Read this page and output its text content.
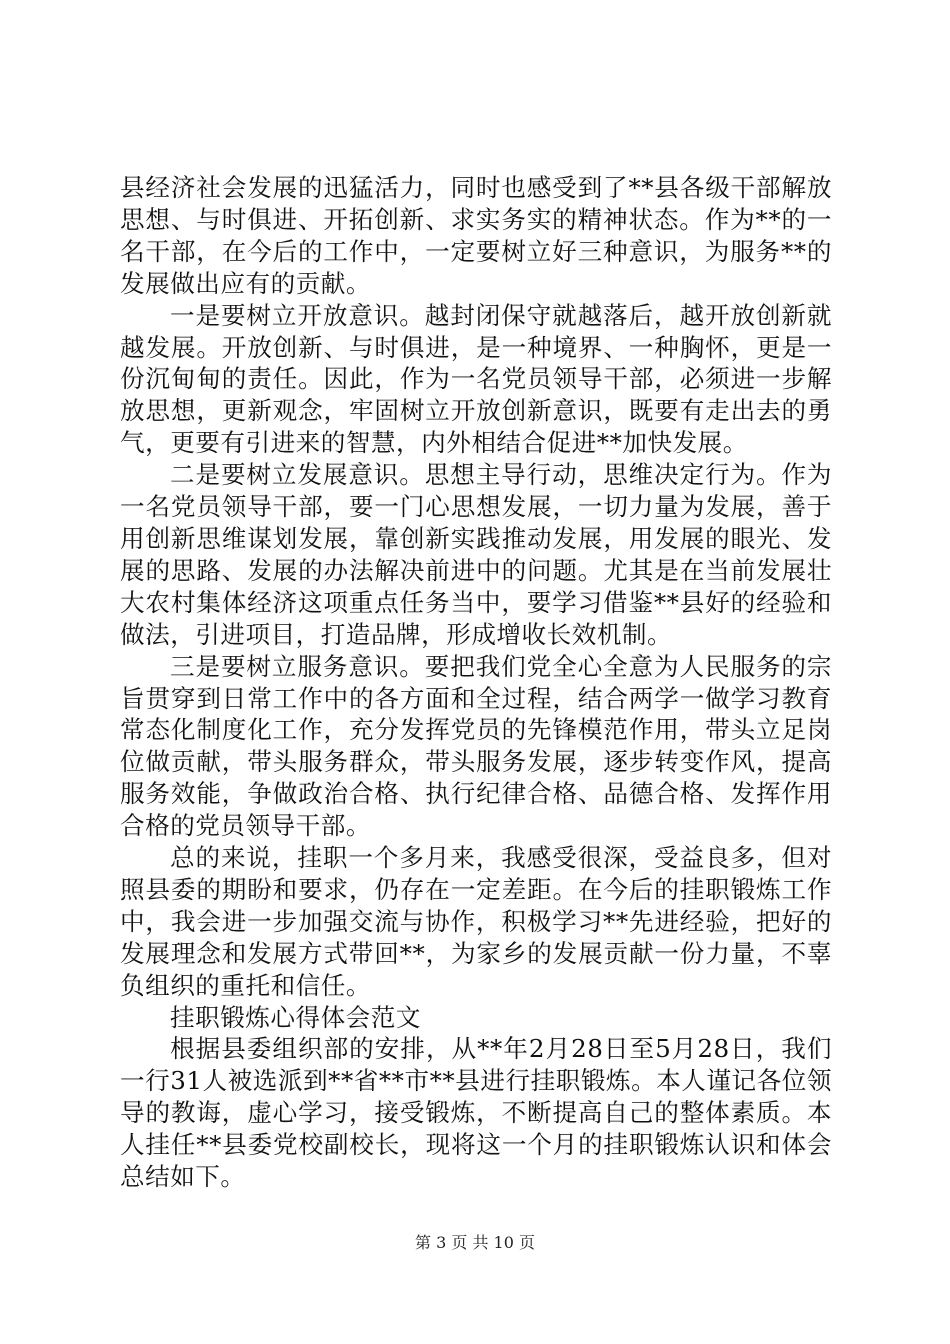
县经济社会发展的迅猛活力，同时也感受到了**县各级干部解放思想、与时俱进、开拓创新、求实务实的精神状态。作为**的一名干部，在今后的工作中，一定要树立好三种意识，为服务**的发展做出应有的贡献。

一是要树立开放意识。越封闭保守就越落后，越开放创新就越发展。开放创新、与时俱进，是一种境界、一种胸怀，更是一份沉甸甸的责任。因此，作为一名党员领导干部，必须进一步解放思想，更新观念，牢固树立开放创新意识，既要有走出去的勇气，更要有引进来的智慧，内外相结合促进**加快发展。

二是要树立发展意识。思想主导行动，思维决定行为。作为一名党员领导干部，要一门心思想发展，一切力量为发展，善于用创新思维谋划发展，靠创新实践推动发展，用发展的眼光、发展的思路、发展的办法解决前进中的问题。尤其是在当前发展壮大农村集体经济这项重点任务当中，要学习借鉴**县好的经验和做法，引进项目，打造品牌，形成增收长效机制。

三是要树立服务意识。要把我们党全心全意为人民服务的宗旨贯穿到日常工作中的各方面和全过程，结合两学一做学习教育常态化制度化工作，充分发挥党员的先锋模范作用，带头立足岗位做贡献，带头服务群众，带头服务发展，逐步转变作风，提高服务效能，争做政治合格、执行纪律合格、品德合格、发挥作用合格的党员领导干部。

总的来说，挂职一个多月来，我感受很深，受益良多，但对照县委的期盼和要求，仍存在一定差距。在今后的挂职锻炼工作中，我会进一步加强交流与协作，积极学习**先进经验，把好的发展理念和发展方式带回**，为家乡的发展贡献一份力量，不辜负组织的重托和信任。

挂职锻炼心得体会范文

根据县委组织部的安排，从**年2月28日至5月28日，我们一行31人被选派到**省**市**县进行挂职锻炼。本人谨记各位领导的教诲，虚心学习，接受锻炼，不断提高自己的整体素质。本人挂任**县委党校副校长，现将这一个月的挂职锻炼认识和体会总结如下。

第 3 页 共 10 页
